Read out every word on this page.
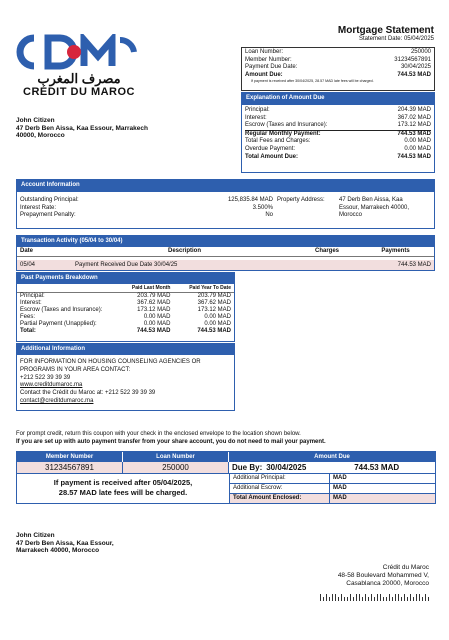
مصرف المغرب
CRÉDIT DU MAROC
Mortgage Statement
Statement Date: 05/04/2025
Loan Number:	250000
Member Number:	31234567891
Payment Due Date:	30/04/2025
Amount Due:	744.53 MAD
If payment is received after 30/04/2025, 28.57 MAD late fees will be charged.
Explanation of Amount Due
Principal:	204.39 MAD
Interest:	367.02 MAD
Escrow (Taxes and Insurance):	173.12 MAD
Regular Monthly Payment:	744.53 MAD
Total Fees and Charges:	0.00 MAD
Overdue Payment:	0.00 MAD
Total Amount Due:	744.53 MAD
John Citizen
47 Derb Ben Aissa, Kaa Essour, Marrakech
40000, Morocco
Account Information
Outstanding Principal:	125,835.84 MAD
Interest Rate:	3.500%
Prepayment Penalty:	No
Property Address:	47 Derb Ben Aissa, Kaa
Essour, Marrakech 40000,
Morocco
Transaction Activity (05/04 to 30/04)
Date	Description	Charges	Payments

05/04	Payment Received Due Date 30/04/25		744.53 MAD
Past Payments Breakdown
	Paid Last Month	Paid Year To Date
Principal:	203.79 MAD	203.79 MAD
Interest:	367.62 MAD	367.62 MAD
Escrow (Taxes and Insurance):	173.12 MAD	173.12 MAD
Fees:	0.00 MAD	0.00 MAD
Partial Payment (Unapplied):	0.00 MAD	0.00 MAD
Total:	744.53 MAD	744.53 MAD
Additional Information
FOR INFORMATION ON HOUSING COUNSELING AGENCIES OR
PROGRAMS IN YOUR AREA CONTACT:
+212 522 39 39 39
www.creditdumaroc.ma
Contact the Crédit du Maroc at: +212 522 39 39 39
contact@creditdumaroc.ma
For prompt credit, return this coupon with your check in the enclosed envelope to the location shown below.
If you are set up with auto payment transfer from your share account, you do not need to mail your payment.
Member Number	Loan Number	Amount Due
31234567891	250000	Due By: 30/04/2025	744.53 MAD
If payment is received after 05/04/2025,
28.57 MAD late fees will be charged.
Additional Principal:	MAD
Additional Escrow:	MAD
Total Amount Enclosed:	MAD
John Citizen
47 Derb Ben Aissa, Kaa Essour,
Marrakech 40000, Morocco
Crédit du Maroc
48-58 Boulevard Mohammed V,
Casablanca 20000, Morocco
